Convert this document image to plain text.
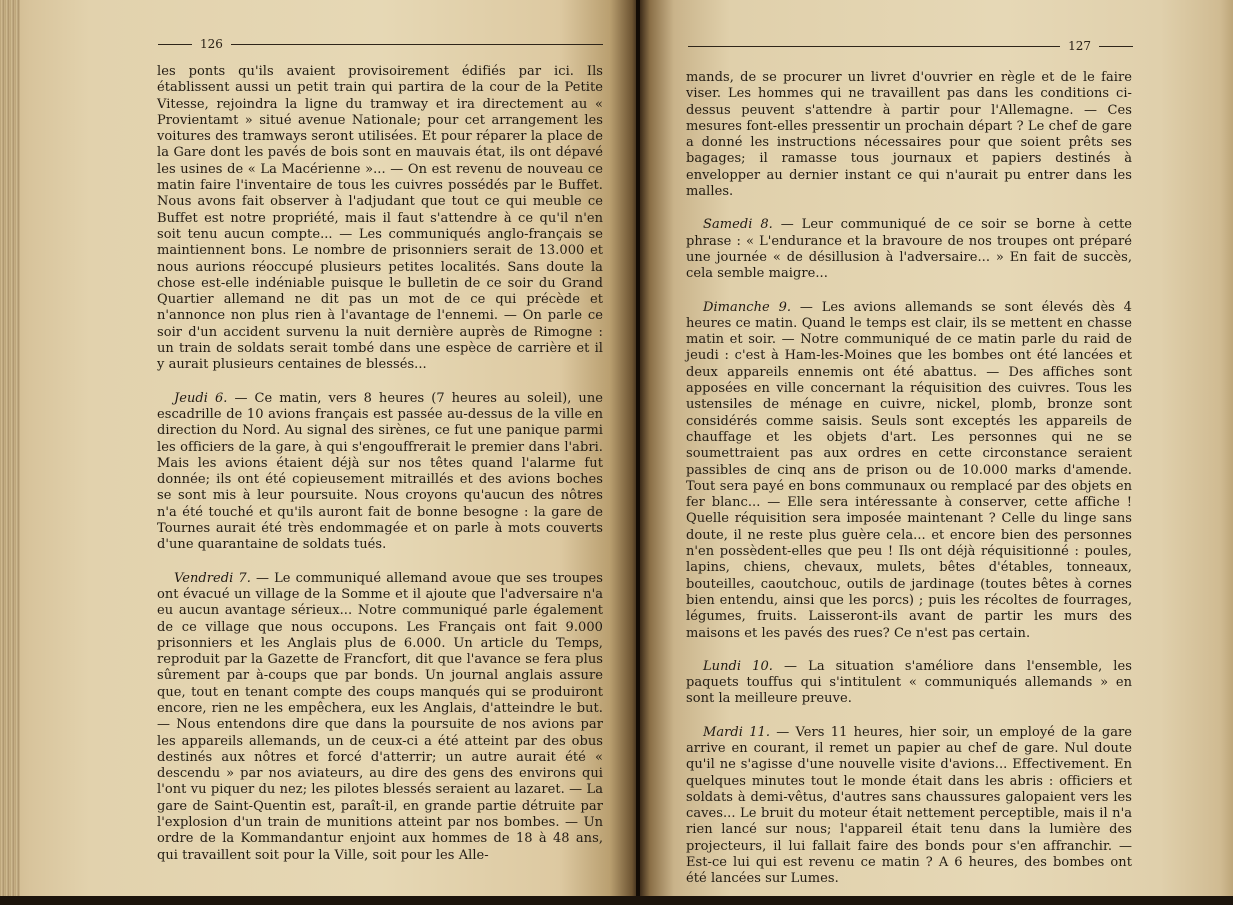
126

les ponts qu'ils avaient provisoirement édifiés par ici. Ils établissent aussi un petit train qui partira de la cour de la Petite Vitesse, rejoindra la ligne du tramway et ira directement au « Provientamt » situé avenue Nationale; pour cet arrangement les voitures des tramways seront utilisées. Et pour réparer la place de la Gare dont les pavés de bois sont en mauvais état, ils ont dépavé les usines de « La Macérienne »... — On est revenu de nouveau ce matin faire l'inventaire de tous les cuivres possédés par le Buffet. Nous avons fait observer à l'adjudant que tout ce qui meuble ce Buffet est notre propriété, mais il faut s'attendre à ce qu'il n'en soit tenu aucun compte... — Les communiqués anglo-français se maintiennent bons. Le nombre de prisonniers serait de 13.000 et nous aurions réoccupé plusieurs petites localités. Sans doute la chose est-elle indéniable puisque le bulletin de ce soir du Grand Quartier allemand ne dit pas un mot de ce qui précède et n'annonce non plus rien à l'avantage de l'ennemi. — On parle ce soir d'un accident survenu la nuit dernière auprès de Rimogne : un train de soldats serait tombé dans une espèce de carrière et il y aurait plusieurs centaines de blessés...

Jeudi 6. — Ce matin, vers 8 heures (7 heures au soleil), une escadrille de 10 avions français est passée au-dessus de la ville en direction du Nord. Au signal des sirènes, ce fut une panique parmi les officiers de la gare, à qui s'engouffrerait le premier dans l'abri. Mais les avions étaient déjà sur nos têtes quand l'alarme fut donnée; ils ont été copieusement mitraillés et des avions boches se sont mis à leur poursuite. Nous croyons qu'aucun des nôtres n'a été touché et qu'ils auront fait de bonne besogne : la gare de Tournes aurait été très endommagée et on parle à mots couverts d'une quarantaine de soldats tués.

Vendredi 7. — Le communiqué allemand avoue que ses troupes ont évacué un village de la Somme et il ajoute que l'adversaire n'a eu aucun avantage sérieux... Notre communiqué parle également de ce village que nous occupons. Les Français ont fait 9.000 prisonniers et les Anglais plus de 6.000. Un article du Temps, reproduit par la Gazette de Francfort, dit que l'avance se fera plus sûrement par à-coups que par bonds. Un journal anglais assure que, tout en tenant compte des coups manqués qui se produiront encore, rien ne les empêchera, eux les Anglais, d'atteindre le but. — Nous entendons dire que dans la poursuite de nos avions par les appareils allemands, un de ceux-ci a été atteint par des obus destinés aux nôtres et forcé d'atterrir; un autre aurait été « descendu » par nos aviateurs, au dire des gens des environs qui l'ont vu piquer du nez; les pilotes blessés seraient au lazaret. — La gare de Saint-Quentin est, paraît-il, en grande partie détruite par l'explosion d'un train de munitions atteint par nos bombes. — Un ordre de la Kommandantur enjoint aux hommes de 18 à 48 ans, qui travaillent soit pour la Ville, soit pour les Alle-

127

mands, de se procurer un livret d'ouvrier en règle et de le faire viser. Les hommes qui ne travaillent pas dans les conditions ci-dessus peuvent s'attendre à partir pour l'Allemagne. — Ces mesures font-elles pressentir un prochain départ ? Le chef de gare a donné les instructions nécessaires pour que soient prêts ses bagages; il ramasse tous journaux et papiers destinés à envelopper au dernier instant ce qui n'aurait pu entrer dans les malles.

Samedi 8. — Leur communiqué de ce soir se borne à cette phrase : « L'endurance et la bravoure de nos troupes ont préparé une journée « de désillusion à l'adversaire... » En fait de succès, cela semble maigre...

Dimanche 9. — Les avions allemands se sont élevés dès 4 heures ce matin. Quand le temps est clair, ils se mettent en chasse matin et soir. — Notre communiqué de ce matin parle du raid de jeudi : c'est à Ham-les-Moines que les bombes ont été lancées et deux appareils ennemis ont été abattus. — Des affiches sont apposées en ville concernant la réquisition des cuivres. Tous les ustensiles de ménage en cuivre, nickel, plomb, bronze sont considérés comme saisis. Seuls sont exceptés les appareils de chauffage et les objets d'art. Les personnes qui ne se soumettraient pas aux ordres en cette circonstance seraient passibles de cinq ans de prison ou de 10.000 marks d'amende. Tout sera payé en bons communaux ou remplacé par des objets en fer blanc... — Elle sera intéressante à conserver, cette affiche ! Quelle réquisition sera imposée maintenant ? Celle du linge sans doute, il ne reste plus guère cela... et encore bien des personnes n'en possèdent-elles que peu ! Ils ont déjà réquisitionné : poules, lapins, chiens, chevaux, mulets, bêtes d'étables, tonneaux, bouteilles, caoutchouc, outils de jardinage (toutes bêtes à cornes bien entendu, ainsi que les porcs) ; puis les récoltes de fourrages, légumes, fruits. Laisseront-ils avant de partir les murs des maisons et les pavés des rues? Ce n'est pas certain.

Lundi 10. — La situation s'améliore dans l'ensemble, les paquets touffus qui s'intitulent « communiqués allemands » en sont la meilleure preuve.

Mardi 11. — Vers 11 heures, hier soir, un employé de la gare arrive en courant, il remet un papier au chef de gare. Nul doute qu'il ne s'agisse d'une nouvelle visite d'avions... Effectivement. En quelques minutes tout le monde était dans les abris : officiers et soldats à demi-vêtus, d'autres sans chaussures galopaient vers les caves... Le bruit du moteur était nettement perceptible, mais il n'a rien lancé sur nous; l'appareil était tenu dans la lumière des projecteurs, il lui fallait faire des bonds pour s'en affranchir. — Est-ce lui qui est revenu ce matin ? A 6 heures, des bombes ont été lancées sur Lumes.
